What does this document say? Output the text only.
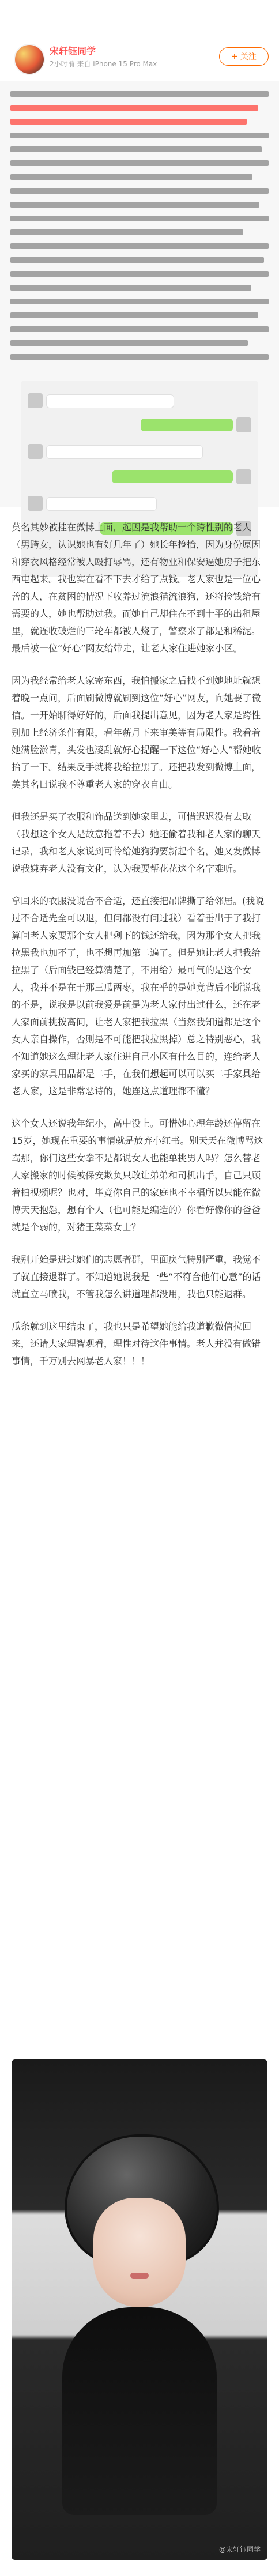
宋轩钰同学
2小时前 来自 iPhone 15 Pro Max
+ 关注

莫名其妙被挂在微博上面，起因是我帮助一个跨性别的老人（男跨女，认识她也有好几年了）她长年捡拾，因为身份原因和穿衣风格经常被人殴打辱骂，还有物业和保安逼她房子把东西屯起来。我也实在看不下去才给了点钱。老人家也是一位心善的人，在贫困的情况下收养过流浪猫流浪狗，还将捡钱给有需要的人，她也帮助过我。而她自己却住在不到十平的出租屋里，就连收破烂的三轮车都被人烧了，警察来了都是和稀泥。最后被一位“好心”网友给带走，让老人家住进她家小区。

因为我经常给老人家寄东西，我怕搬家之后找不到她地址就想着晚一点问，后面刷微博就刷到这位“好心”网友，向她要了微信。一开始聊得好好的，后面我提出意见，因为老人家是跨性别加上经济条件有限，看年薪月下来审美等有局限性。我看着她满脸淤青，头发也凌乱就好心提醒一下这位“好心人”帮她收拾了一下。结果反手就将我给拉黑了。还把我发到微博上面，美其名曰说我不尊重老人家的穿衣自由。

但我还是买了衣服和饰品送到她家里去，可惜迟迟没有去取（我想这个女人是故意拖着不去）她还偷着我和老人家的聊天记录，我和老人家说到可怜给她狗狗要新起个名，她又发微博说我嫌弃老人没有文化，认为我要帮花花这个名字难听。

拿回来的衣服没说合不合适，还直接把吊牌撕了给邻居。(我说过不合适先全可以退，但问都没有问过我）看着垂出于了我打算问老人家要那个女人把剩下的钱还给我，因为那个女人把我拉黑我也加不了，也不想再加第二遍了。但是她让老人把我给拉黑了（后面钱已经算清楚了，不用给）最可气的是这个女人，我并不是在于那三瓜两枣，我在乎的是她竟背后不断说我的不是，说我是以前我爱是前是为老人家付出过什么，还在老人家面前挑拨离间，让老人家把我拉黑（当然我知道都是这个女人亲自操作，否则是不可能把我拉黑掉）总之特别恶心，我不知道她这么理让老人家住进自己小区有什么目的，连给老人家买的家具用品都是二手，在我们想起可以可以买二手家具给老人家，这是非常恶诗的，她连这点道理都不懂？

这个女人还说我年纪小，高中没上。可惜她心理年龄还停留在15岁，她现在重要的事情就是放弃小红书。别天天在微博骂这骂那，你们这些女拳不是都说女人也能单挑男人吗？怎么替老人家搬家的时候被保安欺负只敢让弟弟和司机出手，自己只顾着拍视频呢？也对，毕竟你自己的家庭也不幸福所以只能在微博天天抱怨，想有个人（也可能是编造的）你看好像你的爸爸就是个弱的，对猪王菜菜女士？

我别开始是进过她们的志愿者群，里面戾气特别严重，我觉不了就直接退群了。不知道她说我是一些“不符合他们心意”的话就直立马喷我，不管我怎么讲道理都没用，我也只能退群。

瓜条就到这里结束了，我也只是希望她能给我道歉微信拉回来，还请大家理智观看，理性对待这件事情。老人并没有做错事情，千万别去网暴老人家！！！

@宋轩钰同学
